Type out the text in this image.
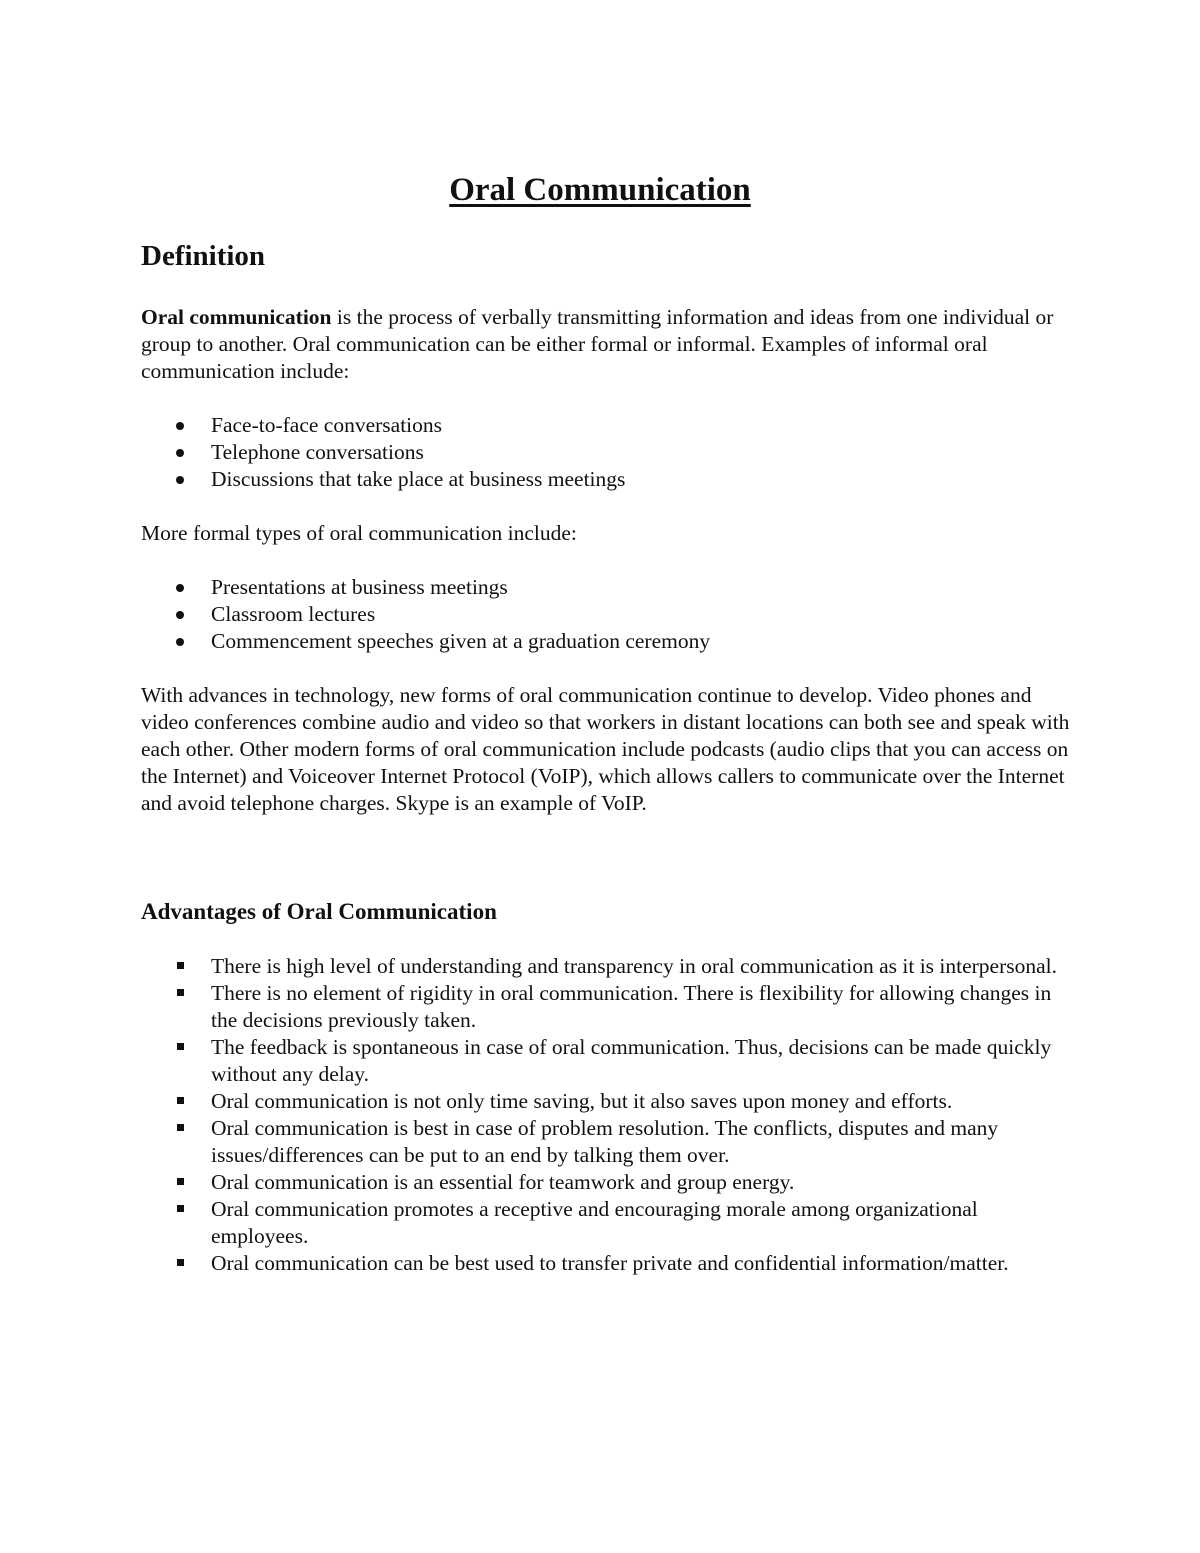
Oral Communication
Definition

Oral communication is the process of verbally transmitting information and ideas from one individual or group to another. Oral communication can be either formal or informal. Examples of informal oral communication include:

Face-to-face conversations
Telephone conversations
Discussions that take place at business meetings

More formal types of oral communication include:

Presentations at business meetings
Classroom lectures
Commencement speeches given at a graduation ceremony

With advances in technology, new forms of oral communication continue to develop. Video phones and video conferences combine audio and video so that workers in distant locations can both see and speak with each other. Other modern forms of oral communication include podcasts (audio clips that you can access on the Internet) and Voiceover Internet Protocol (VoIP), which allows callers to communicate over the Internet and avoid telephone charges. Skype is an example of VoIP.

Advantages of Oral Communication
There is high level of understanding and transparency in oral communication as it is interpersonal.
There is no element of rigidity in oral communication. There is flexibility for allowing changes in the decisions previously taken.
The feedback is spontaneous in case of oral communication. Thus, decisions can be made quickly without any delay.
Oral communication is not only time saving, but it also saves upon money and efforts.
Oral communication is best in case of problem resolution. The conflicts, disputes and many issues/differences can be put to an end by talking them over.
Oral communication is an essential for teamwork and group energy.
Oral communication promotes a receptive and encouraging morale among organizational employees.
Oral communication can be best used to transfer private and confidential information/matter.
